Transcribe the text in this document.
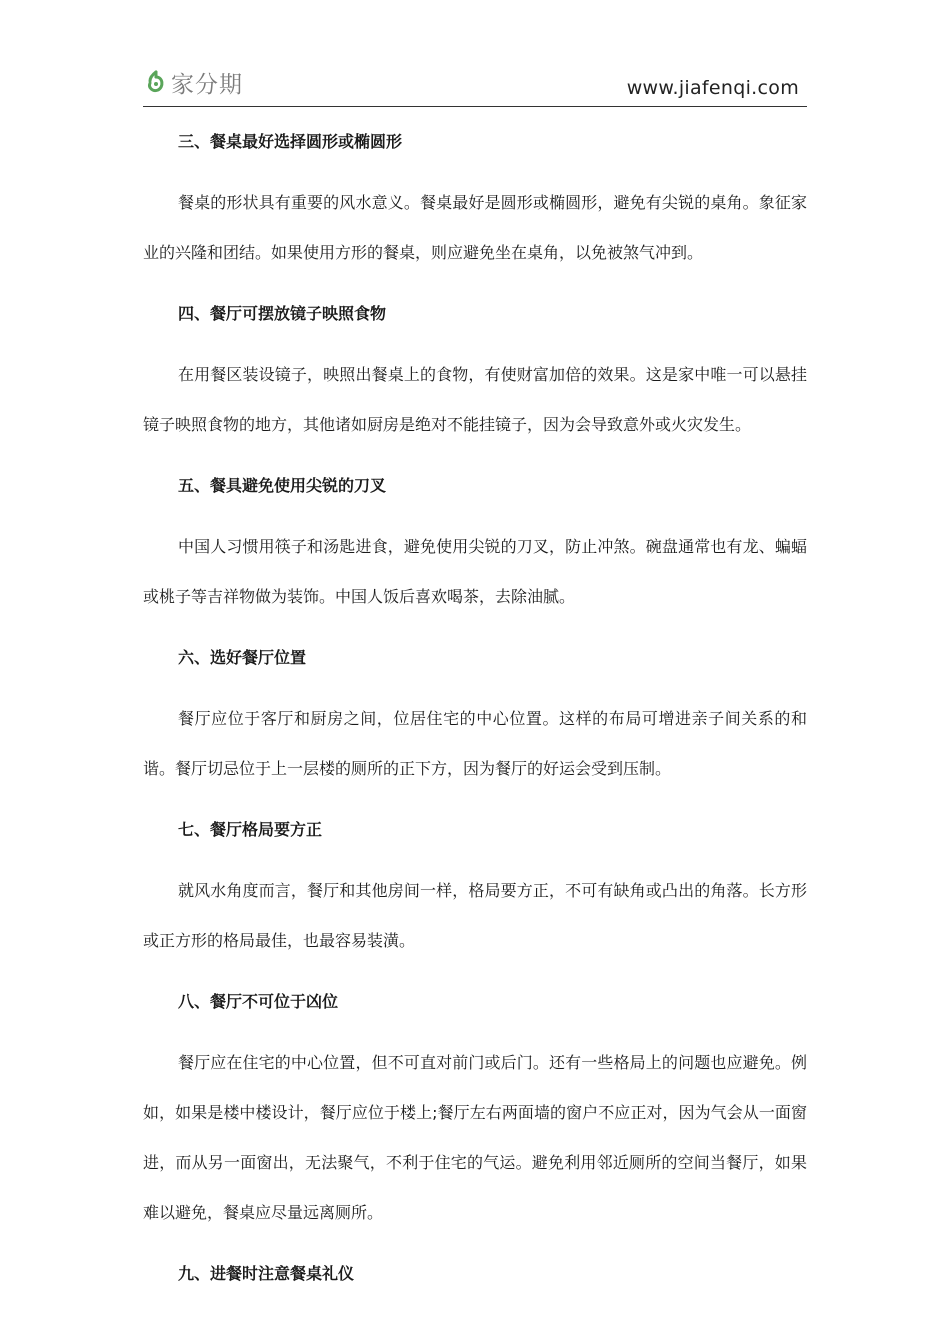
家分期	www.jiafenqi.com
三、餐桌最好选择圆形或椭圆形

餐桌的形状具有重要的风水意义。餐桌最好是圆形或椭圆形，避免有尖锐的桌角。象征家业的兴隆和团结。如果使用方形的餐桌，则应避免坐在桌角，以免被煞气冲到。

四、餐厅可摆放镜子映照食物

在用餐区装设镜子，映照出餐桌上的食物，有使财富加倍的效果。这是家中唯一可以悬挂镜子映照食物的地方，其他诸如厨房是绝对不能挂镜子，因为会导致意外或火灾发生。

五、餐具避免使用尖锐的刀叉

中国人习惯用筷子和汤匙进食，避免使用尖锐的刀叉，防止冲煞。碗盘通常也有龙、蝙蝠或桃子等吉祥物做为装饰。中国人饭后喜欢喝茶，去除油腻。

六、选好餐厅位置

餐厅应位于客厅和厨房之间，位居住宅的中心位置。这样的布局可增进亲子间关系的和谐。餐厅切忌位于上一层楼的厕所的正下方，因为餐厅的好运会受到压制。

七、餐厅格局要方正

就风水角度而言，餐厅和其他房间一样，格局要方正，不可有缺角或凸出的角落。长方形或正方形的格局最佳，也最容易装潢。

八、餐厅不可位于凶位

餐厅应在住宅的中心位置，但不可直对前门或后门。还有一些格局上的问题也应避免。例如，如果是楼中楼设计，餐厅应位于楼上;餐厅左右两面墙的窗户不应正对，因为气会从一面窗进，而从另一面窗出，无法聚气，不利于住宅的气运。避免利用邻近厕所的空间当餐厅，如果难以避免，餐桌应尽量远离厕所。

九、进餐时注意餐桌礼仪
